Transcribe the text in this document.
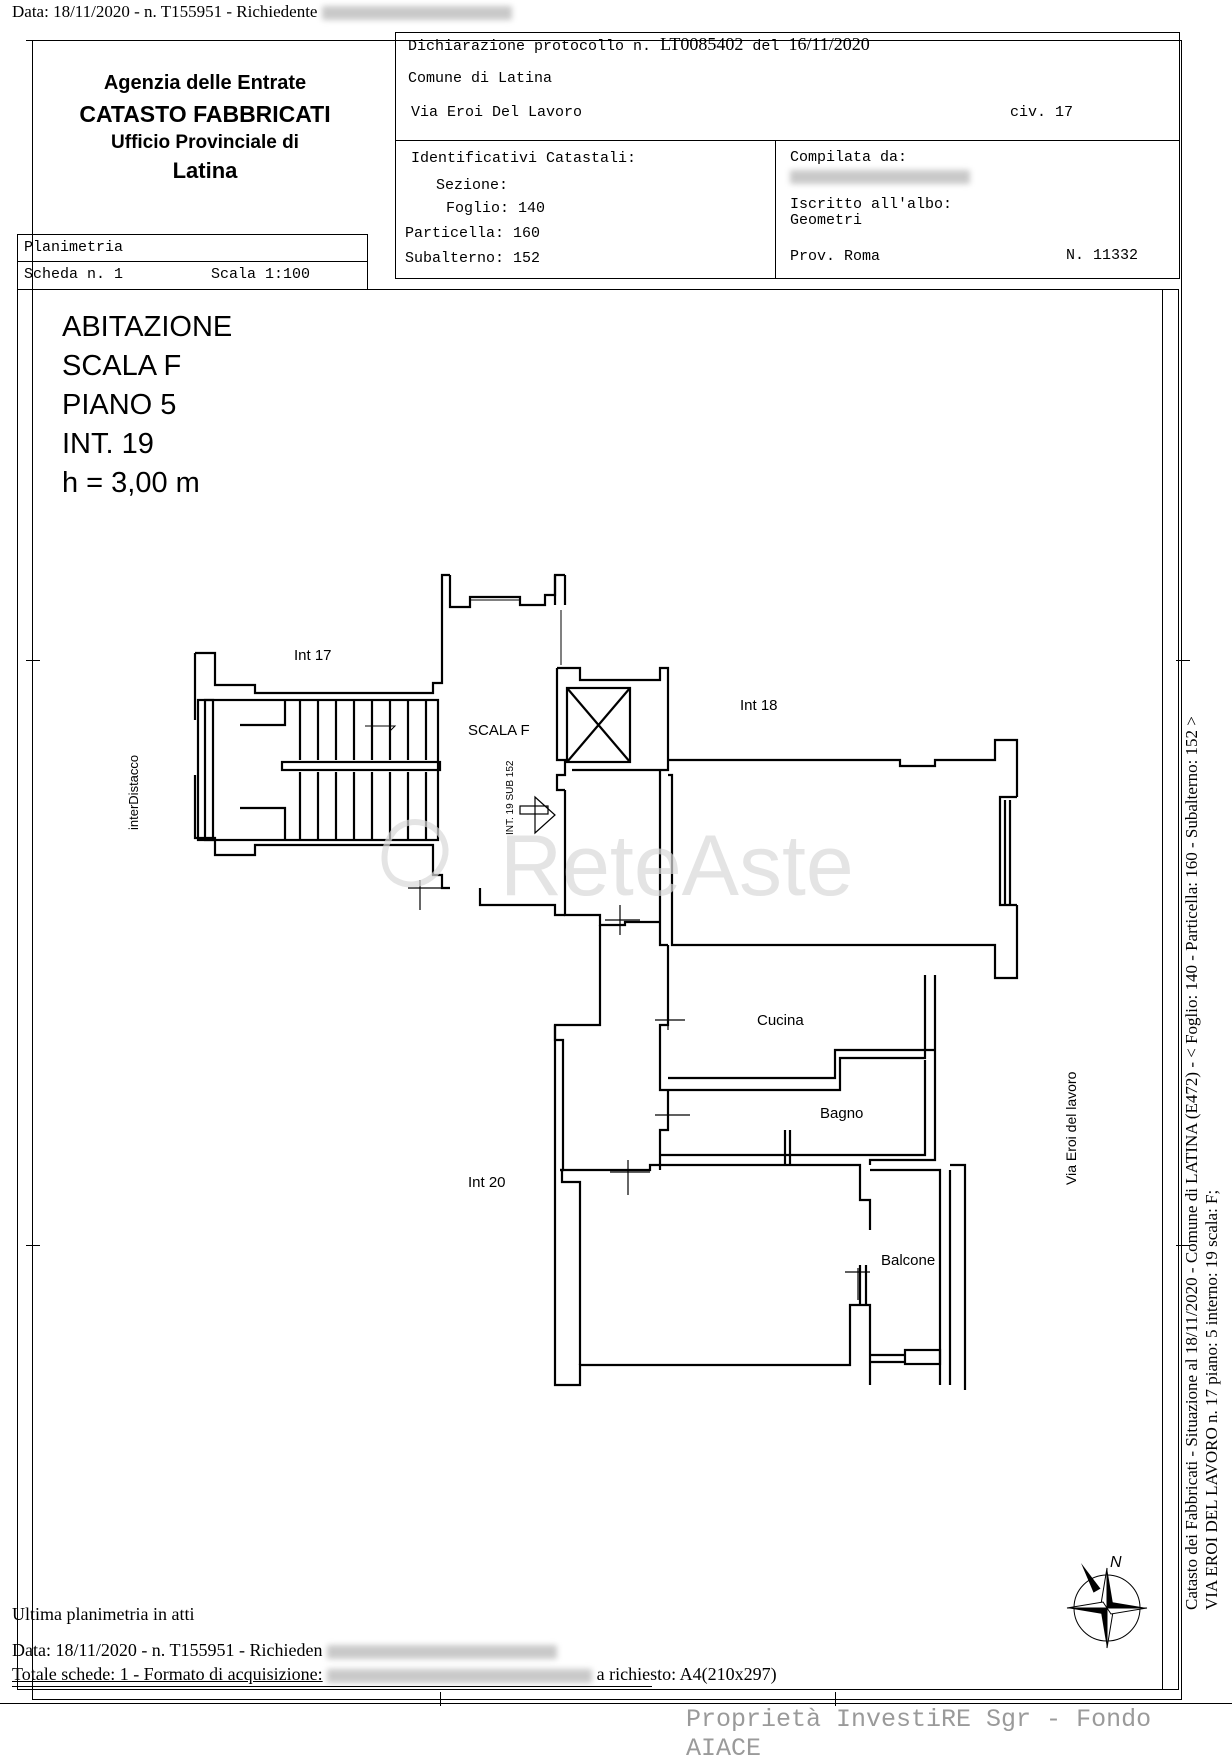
Data: 18/11/2020 - n. T155951 - Richiedente
Agenzia delle Entrate
CATASTO FABBRICATI
Ufficio Provinciale di
Latina
Planimetria
Scheda n. 1	Scala 1:100
Dichiarazione protocollo n. LT0085402 del 16/11/2020
Comune di Latina
Via Eroi Del Lavoro	civ. 17
Identificativi Catastali:
Sezione:
Foglio: 140
Particella: 160
Subalterno: 152
Compilata da:
Iscritto all'albo:
Geometri
Prov. Roma	N. 11332
ABITAZIONE
SCALA F
PIANO 5
INT. 19
h = 3,00 m
Int 17
Int 18
Int 20
SCALA F
INT. 19 SUB 152
interDistacco
Cucina
Bagno
Balcone
Via Eroi del lavoro
ReteAste
N	Catasto dei Fabbricati - Situazione al 18/11/2020 - Comune di LATINA (E472) - < Foglio: 140 - Particella: 160 - Subalterno: 152 > VIA EROI DEL LAVORO n. 17 piano: 5 interno: 19 scala: F;
Ultima planimetria in atti
Data: 18/11/2020 - n. T155951 - Richieden
Totale schede: 1 - Formato di acquisizione:	a richiesto: A4(210x297)
Proprietà InvestiRE Sgr - Fondo AIACE
